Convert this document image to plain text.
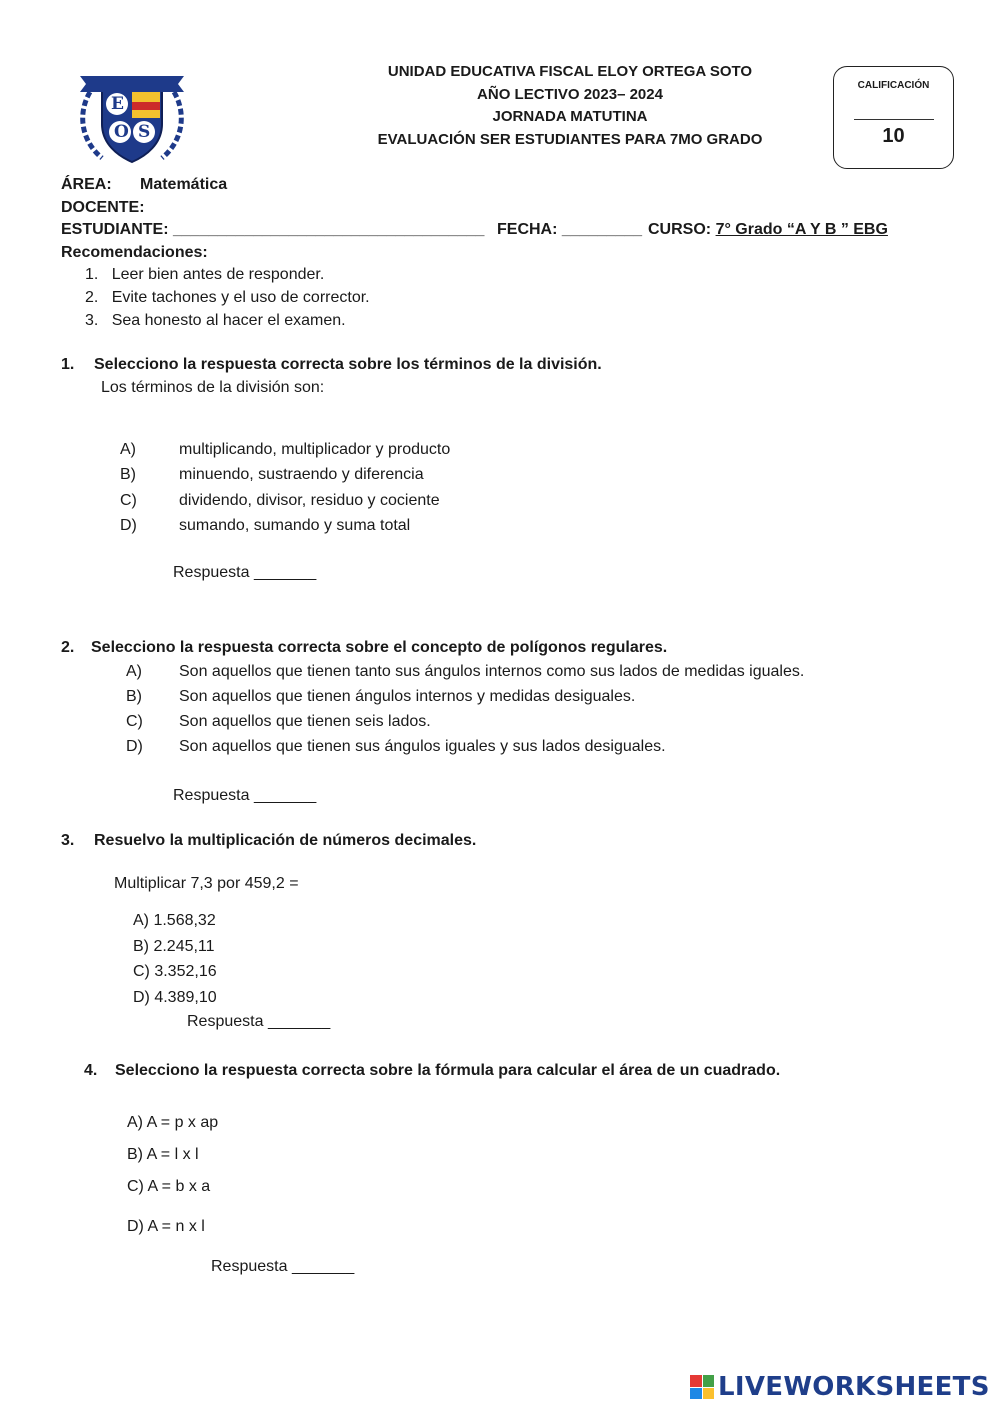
"ELOY ORTEGA SOTO"
E
O S
UNIDAD EDUCATIVA FISCAL ELOY ORTEGA SOTO
AÑO LECTIVO 2023– 2024
JORNADA MATUTINA
EVALUACIÓN SER ESTUDIANTES PARA 7MO GRADO
CALIFICACIÓN
10
ÁREA: Matemática
DOCENTE:
ESTUDIANTE: ___________________________________ FECHA: _________ CURSO: 7° Grado “A Y B ” EBG
Recomendaciones:
1.   Leer bien antes de responder.
2.   Evite tachones y el uso de corrector.
3.   Sea honesto al hacer el examen.
1. Selecciono la respuesta correcta sobre los términos de la división.
Los términos de la división son:
A)	multiplicando, multiplicador y producto
B)	minuendo, sustraendo y diferencia
C)	dividendo, divisor, residuo y cociente
D)	sumando, sumando y suma total
Respuesta _______
2. Selecciono la respuesta correcta sobre el concepto de polígonos regulares.
A) Son aquellos que tienen tanto sus ángulos internos como sus lados de medidas iguales.
B) Son aquellos que tienen ángulos internos y medidas desiguales.
C) Son aquellos que tienen seis lados.
D) Son aquellos que tienen sus ángulos iguales y sus lados desiguales.
Respuesta _______
3. Resuelvo la multiplicación de números decimales.
Multiplicar 7,3 por 459,2 =
A) 1.568,32
B) 2.245,11
C) 3.352,16
D) 4.389,10
Respuesta _______
4. Selecciono la respuesta correcta sobre la fórmula para calcular el área de un cuadrado.
A) A = p x ap
B) A = l x l
C) A = b x a
D) A = n x l
Respuesta _______
LIVEWORKSHEETS
